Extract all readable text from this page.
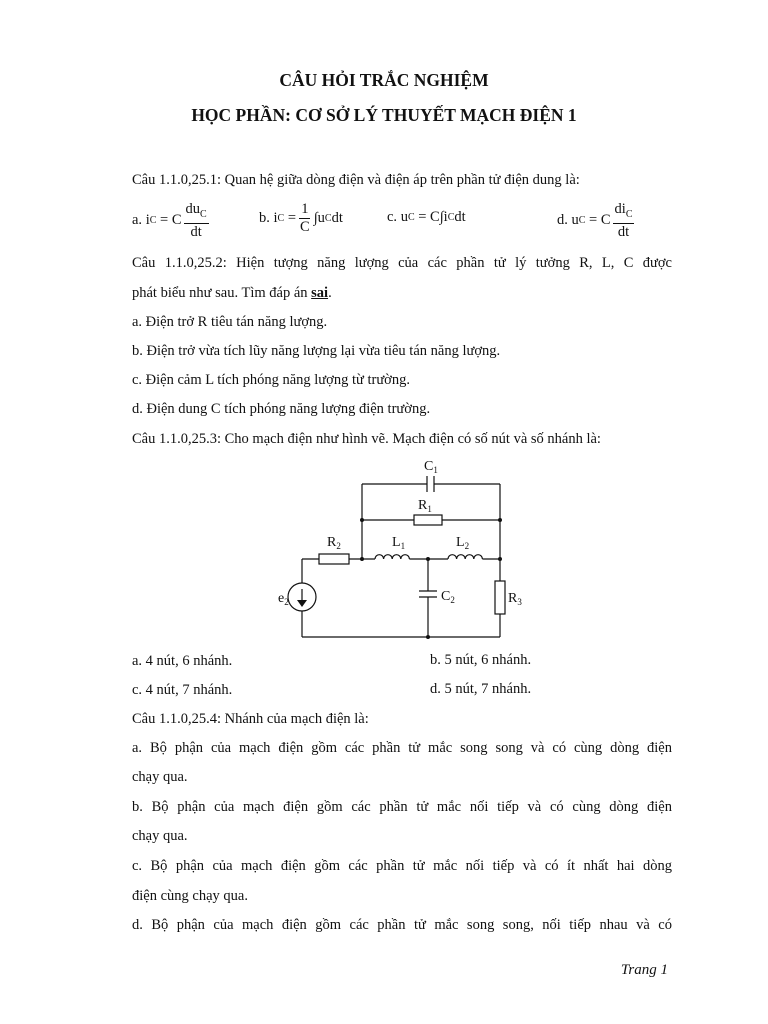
CÂU HỎI TRẮC NGHIỆM
HỌC PHẦN: CƠ SỞ LÝ THUYẾT MẠCH ĐIỆN 1
Câu 1.1.0,25.1: Quan hệ giữa dòng điện và điện áp trên phần tử điện dung là:
a. i C = C $\frac{du_C}{dt}$	b. i $C = \frac{1}{C} \int u$ C dt	c. u C = C∫i C dt	d. u C = C $\frac{di_C}{dt}$
Câu 1.1.0,25.2: Hiện tượng năng lượng của các phần tử lý tưởng R, L, C được
phát biểu như sau. Tìm đáp án sai.
a. Điện trở R tiêu tán năng lượng.
b. Điện trở vừa tích lũy năng lượng lại vừa tiêu tán năng lượng.
c. Điện cảm L tích phóng năng lượng từ trường.
d. Điện dung C tích phóng năng lượng điện trường.
Câu 1.1.0,25.3: Cho mạch điện như hình vẽ. Mạch điện có số nút và số nhánh là:
$C_1$
$R_1$
$R_2$	$L_1$	$L_2$
$C_2$	$R_3$
$e_2$
a. 4 nút, 6 nhánh.	b. 5 nút, 6 nhánh.
c. 4 nút, 7 nhánh.	d. 5 nút, 7 nhánh.
Câu 1.1.0,25.4: Nhánh của mạch điện là:
a. Bộ phận của mạch điện gồm các phần tử mắc song song và có cùng dòng điện
chạy qua.
b. Bộ phận của mạch điện gồm các phần tử mắc nối tiếp và có cùng dòng điện
chạy qua.
c. Bộ phận của mạch điện gồm các phần tử mắc nối tiếp và có ít nhất hai dòng
điện cùng chạy qua.
d. Bộ phận của mạch điện gồm các phần tử mắc song song, nối tiếp nhau và có
Trang 1
